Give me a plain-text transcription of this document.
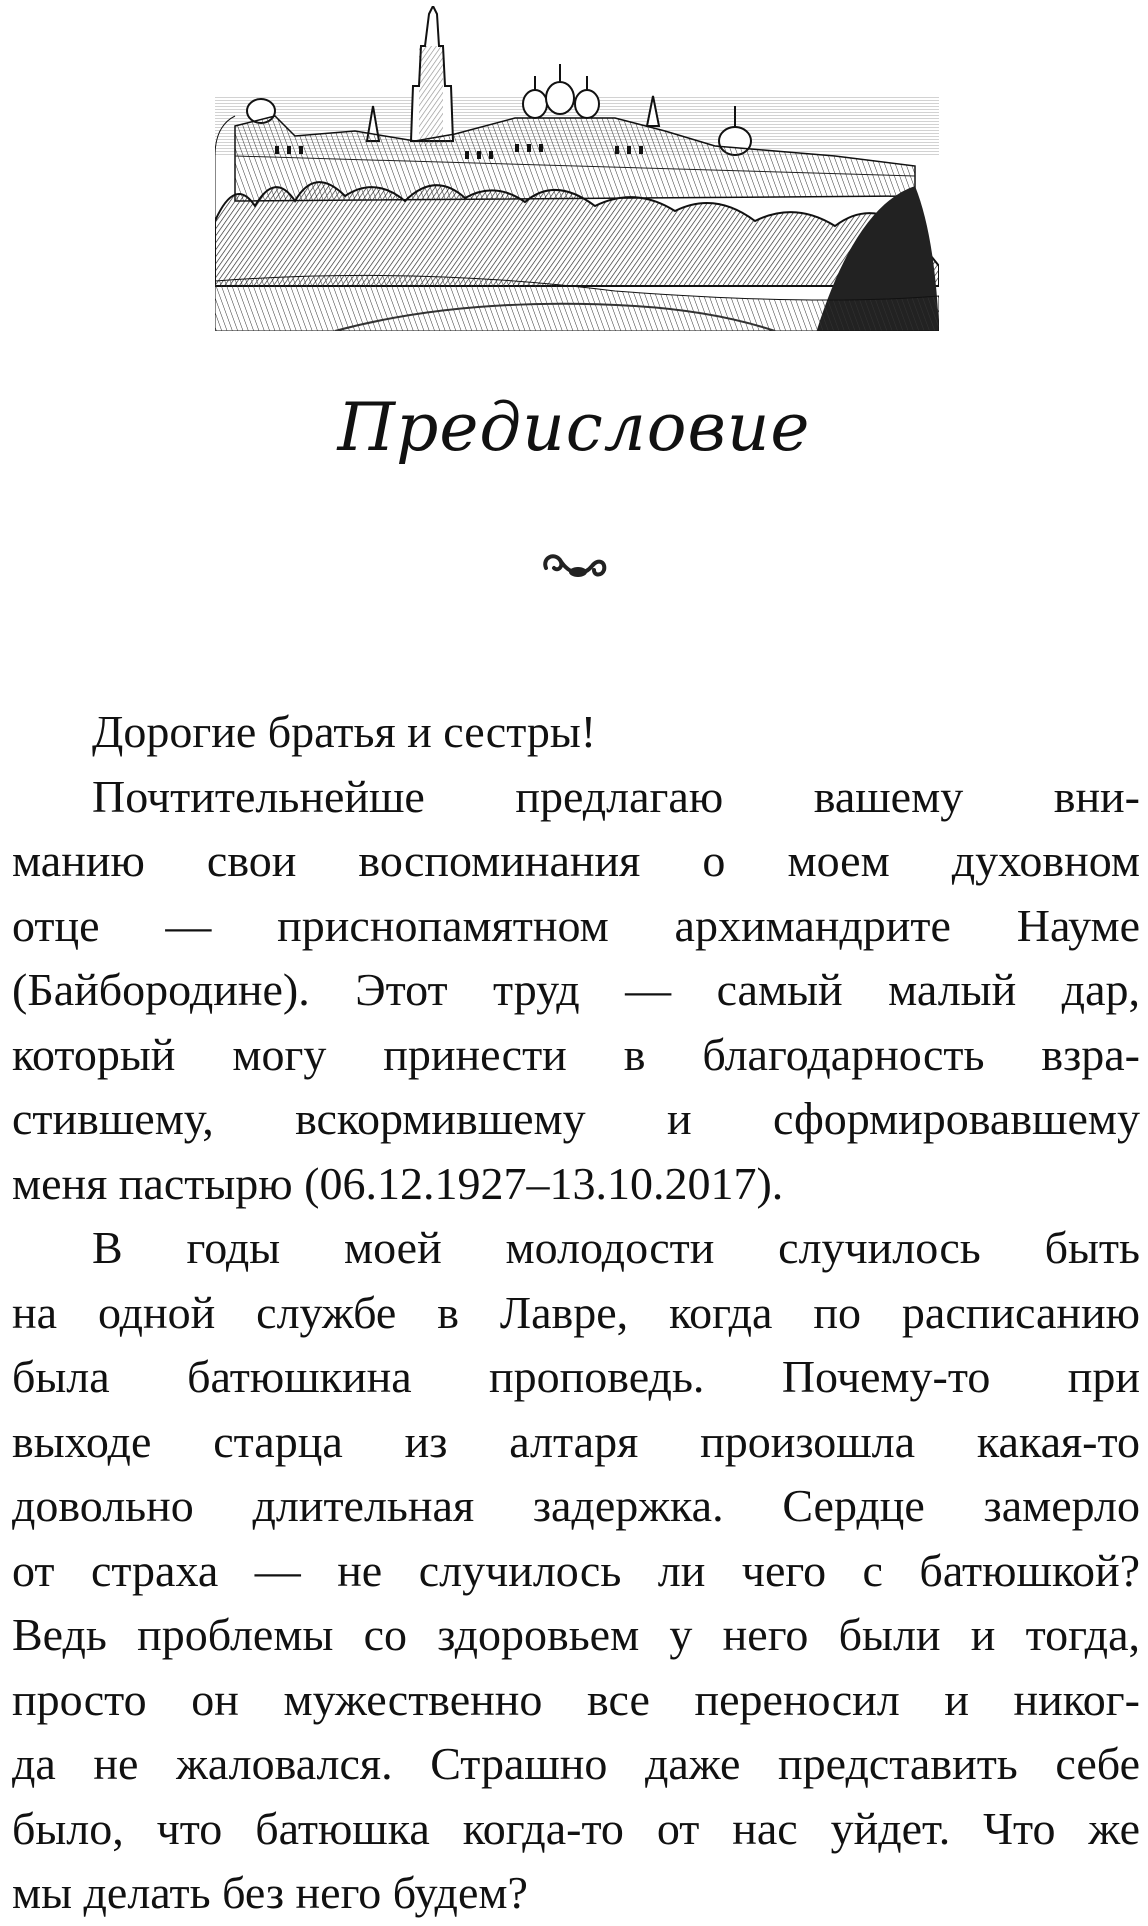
Предисловие
Дорогие братья и сестры!
Почтительнейше предлагаю вашему вни-
манию свои воспоминания о моем духовном
отце — приснопамятном архимандрите Науме
(Байбородине). Этот труд — самый малый дар,
который могу принести в благодарность взра-
стившему, вскормившему и сформировавшему
меня пастырю (06.12.1927–13.10.2017).
В годы моей молодости случилось быть
на одной службе в Лавре, когда по расписанию
была батюшкина проповедь. Почему-то при
выходе старца из алтаря произошла какая-то
довольно длительная задержка. Сердце замерло
от страха — не случилось ли чего с батюшкой?
Ведь проблемы со здоровьем у него были и тогда,
просто он мужественно все переносил и никог-
да не жаловался. Страшно даже представить себе
было, что батюшка когда-то от нас уйдет. Что же
мы делать без него будем?
